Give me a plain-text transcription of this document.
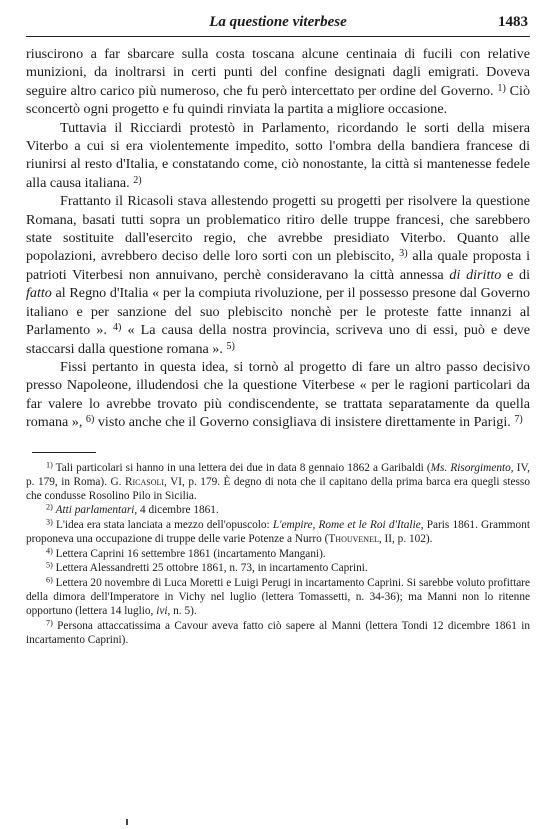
La questione viterbese	1483

riuscirono a far sbarcare sulla costa toscana alcune centinaia di fucili con relative munizioni, da inoltrarsi in certi punti del confine designati dagli emigrati. Doveva seguire altro carico più numeroso, che fu però intercettato per ordine del Governo. $^{1)}$ Ciò sconcertò ogni progetto e fu quindi rinviata la partita a migliore occasione.

Tuttavia il Ricciardi protestò in Parlamento, ricordando le sorti della misera Viterbo a cui si era violentemente impedito, sotto l'ombra della bandiera francese di riunirsi al resto d'Italia, e constatando come, ciò nonostante, la città si mantenesse fedele alla causa italiana. $^{2)}$

Frattanto il Ricasoli stava allestendo progetti su progetti per risolvere la questione Romana, basati tutti sopra un problematico ritiro delle truppe francesi, che sarebbero state sostituite dall'esercito regio, che avrebbe presidiato Viterbo. Quanto alle popolazioni, avrebbero deciso delle loro sorti con un plebiscito, $^{3)}$ alla quale proposta i patrioti Viterbesi non annuivano, perchè consideravano la città annessa di diritto e di fatto al Regno d'Italia « per la compiuta rivoluzione, per il possesso presone dal Governo italiano e per sanzione del suo plebiscito nonchè per le proteste fatte innanzi al Parlamento ». $^{4)}$ « La causa della nostra provincia, scriveva uno di essi, può e deve staccarsi dalla questione romana ». $^{5)}$

Fissi pertanto in questa idea, si tornò al progetto di fare un altro passo decisivo presso Napoleone, illudendosi che la questione Viterbese « per le ragioni particolari da far valere lo avrebbe trovato più condiscendente, se trattata separatamente da quella romana », $^{6)}$ visto anche che il Governo consigliava di insistere direttamente in Parigi. $^{7)}$

$^{1)}$ Tali particolari si hanno in una lettera dei due in data 8 gennaio 1862 a Garibaldi (Ms. Risorgimento, IV, p. 179, in Roma). G. Ricasoli, VI, p. 179. È degno di nota che il capitano della prima barca era quegli stesso che condusse Rosolino Pilo in Sicilia.

$^{2)}$ Atti parlamentari, 4 dicembre 1861.

$^{3)}$ L'idea era stata lanciata a mezzo dell'opuscolo: L'empire, Rome et le Roi d'Italie, Paris 1861. Grammont proponeva una occupazione di truppe delle varie Potenze a Nurro (Thouvenel, II, p. 102).

$^{4)}$ Lettera Caprini 16 settembre 1861 (incartamento Mangani).

$^{5)}$ Lettera Alessandretti 25 ottobre 1861, n. 73, in incartamento Caprini.

$^{6)}$ Lettera 20 novembre di Luca Moretti e Luigi Perugi in incartamento Caprini. Si sarebbe voluto profittare della dimora dell'Imperatore in Vichy nel luglio (lettera Tomassetti, n. 34-36); ma Manni non lo ritenne opportuno (lettera 14 luglio, ivi, n. 5).

$^{7)}$ Persona attaccatissima a Cavour aveva fatto ciò sapere al Manni (lettera Tondi 12 dicembre 1861 in incartamento Caprini).
